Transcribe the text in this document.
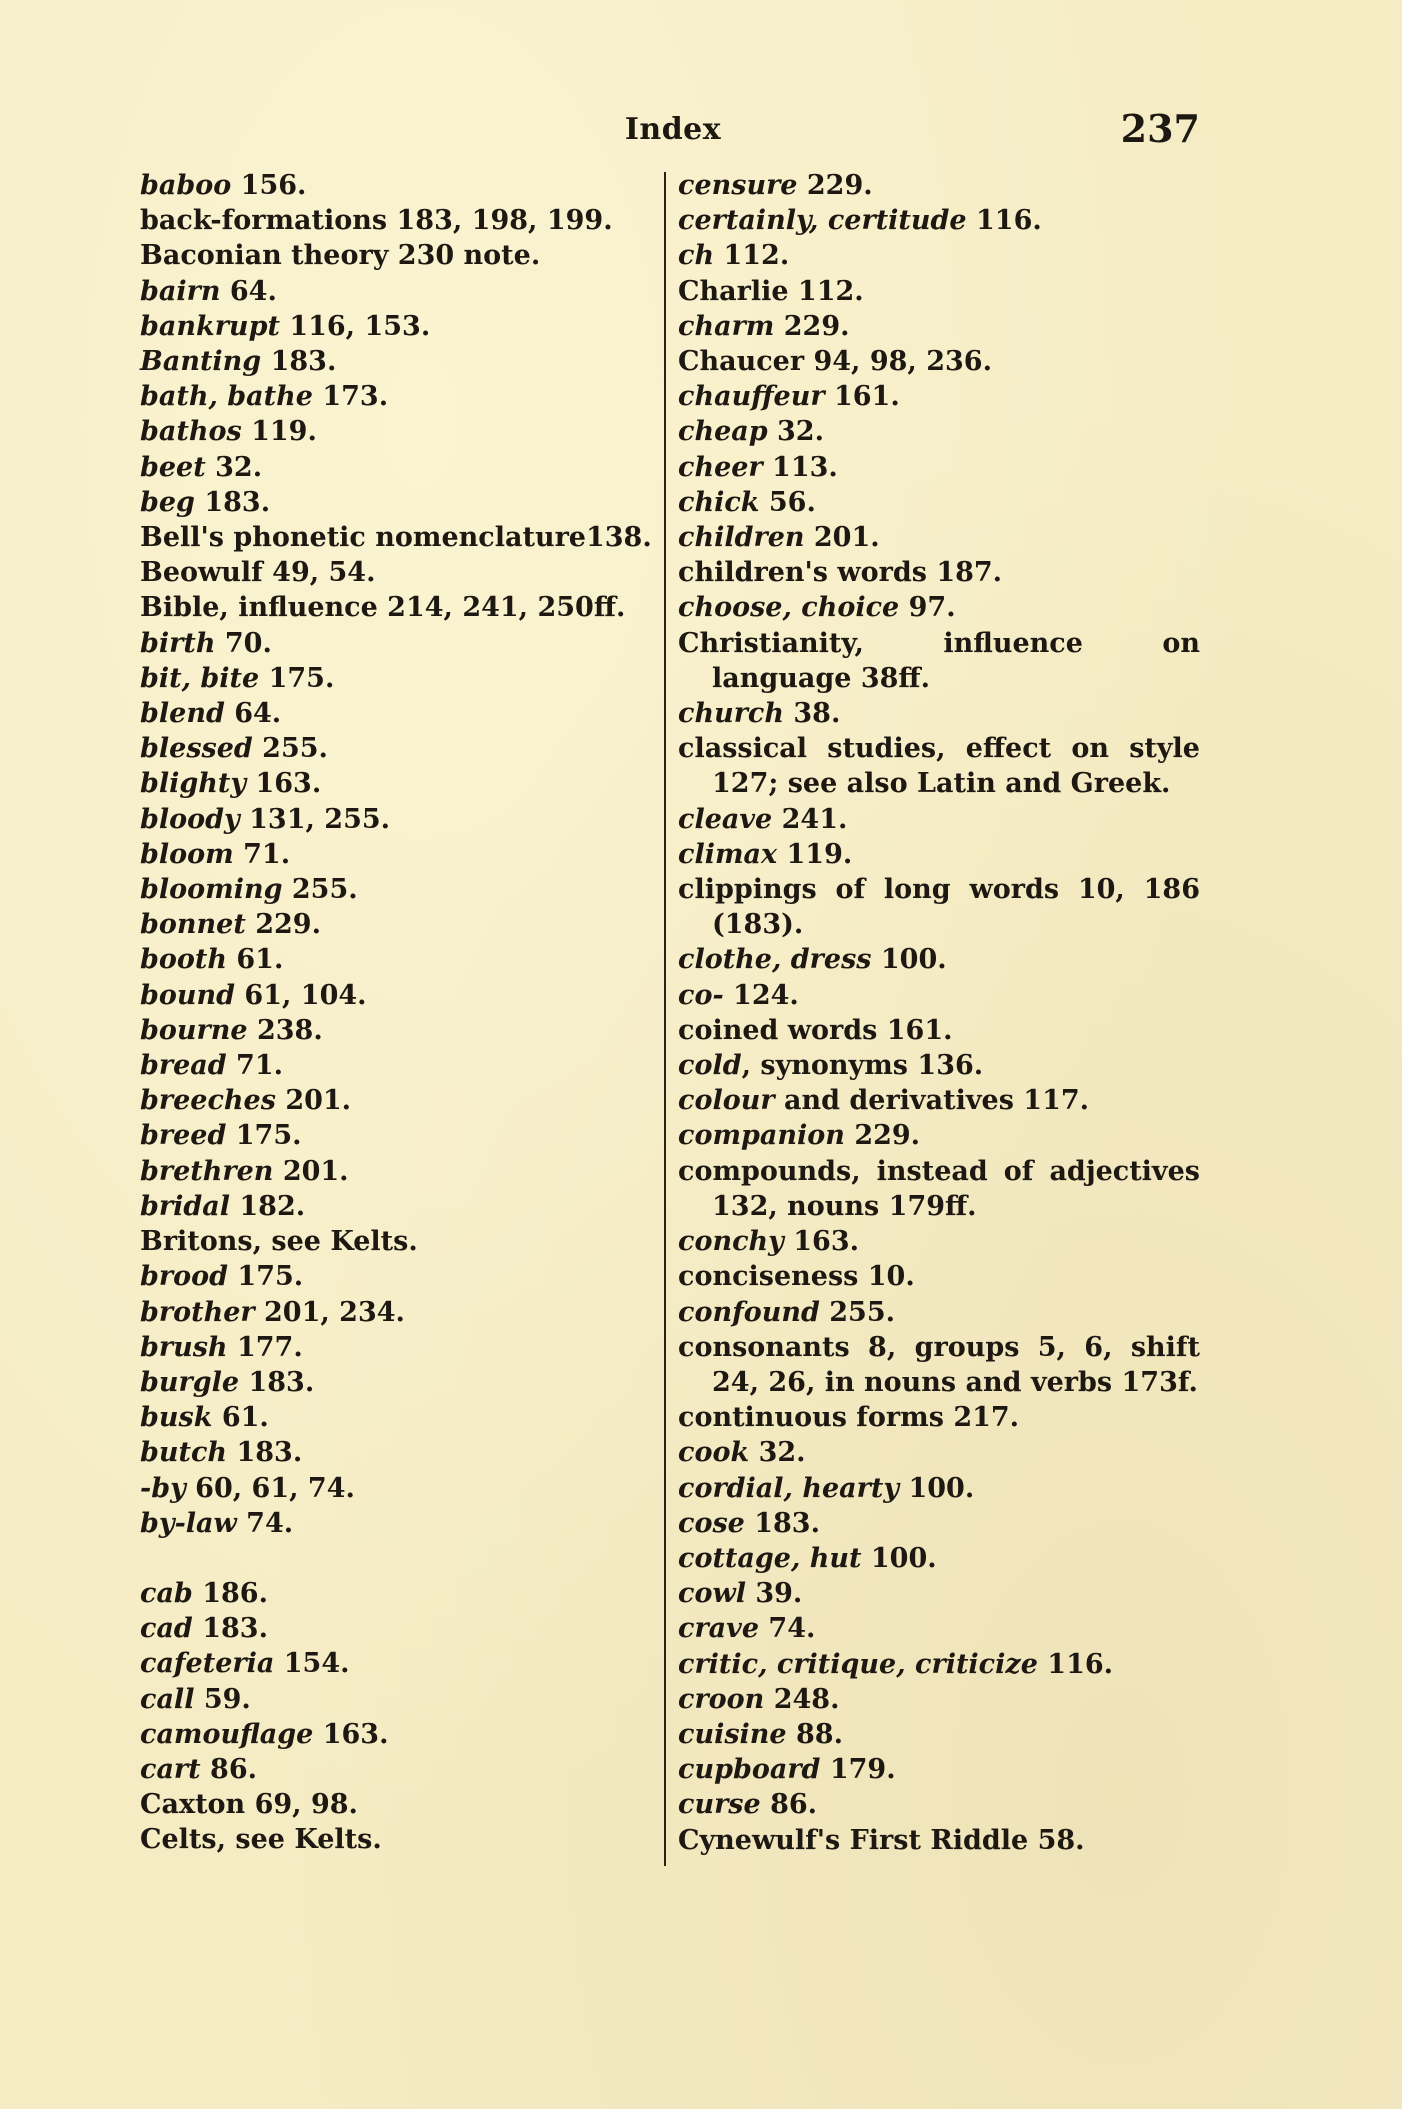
Index	237
baboo 156.
back-formations 183, 198, 199.
Baconian theory 230 note.
bairn 64.
bankrupt 116, 153.
Banting 183.
bath, bathe 173.
bathos 119.
beet 32.
beg 183.
Bell's phonetic nomenclature138.
Beowulf 49, 54.
Bible, influence 214, 241, 250ff.
birth 70.
bit, bite 175.
blend 64.
blessed 255.
blighty 163.
bloody 131, 255.
bloom 71.
blooming 255.
bonnet 229.
booth 61.
bound 61, 104.
bourne 238.
bread 71.
breeches 201.
breed 175.
brethren 201.
bridal 182.
Britons, see Kelts.
brood 175.
brother 201, 234.
brush 177.
burgle 183.
busk 61.
butch 183.
-by 60, 61, 74.
by-law 74.
cab 186.
cad 183.
cafeteria 154.
call 59.
camouflage 163.
cart 86.
Caxton 69, 98.
Celts, see Kelts.
censure 229.
certainly, certitude 116.
ch 112.
Charlie 112.
charm 229.
Chaucer 94, 98, 236.
chauffeur 161.
cheap 32.
cheer 113.
chick 56.
children 201.
children's words 187.
choose, choice 97.
Christianity, influence on language 38ff.
church 38.
classical studies, effect on style 127; see also Latin and Greek.
cleave 241.
climax 119.
clippings of long words 10, 186 (183).
clothe, dress 100.
co- 124.
coined words 161.
cold, synonyms 136.
colour and derivatives 117.
companion 229.
compounds, instead of adjectives 132, nouns 179ff.
conchy 163.
conciseness 10.
confound 255.
consonants 8, groups 5, 6, shift 24, 26, in nouns and verbs 173f.
continuous forms 217.
cook 32.
cordial, hearty 100.
cose 183.
cottage, hut 100.
cowl 39.
crave 74.
critic, critique, criticize 116.
croon 248.
cuisine 88.
cupboard 179.
curse 86.
Cynewulf's First Riddle 58.
